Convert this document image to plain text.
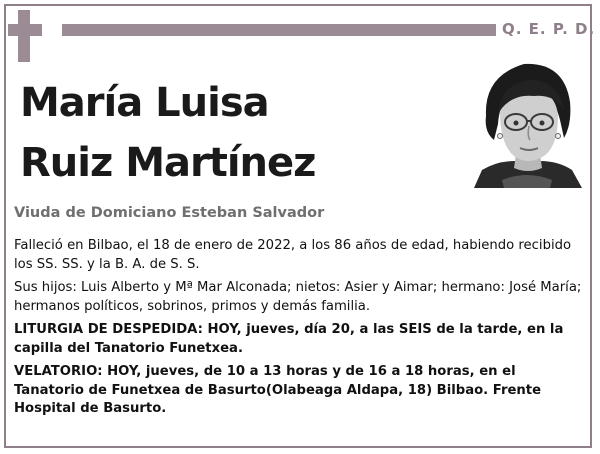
Q. E. P. D.
María Luisa
Ruiz Martínez
Viuda de Domiciano Esteban Salvador

Falleció en Bilbao, el 18 de enero de 2022, a los 86 años de edad, habiendo recibido los SS. SS. y la B. A. de S. S.

Sus hijos: Luis Alberto y Mª Mar Alconada; nietos: Asier y Aimar; hermano: José María; hermanos políticos, sobrinos, primos y demás familia.

LITURGIA DE DESPEDIDA: HOY, jueves, día 20, a las SEIS de la tarde, en la capilla del Tanatorio Funetxea.

VELATORIO: HOY, jueves, de 10 a 13 horas y de 16 a 18 horas, en el Tanatorio de Funetxea de Basurto(Olabeaga Aldapa, 18) Bilbao. Frente Hospital de Basurto.
